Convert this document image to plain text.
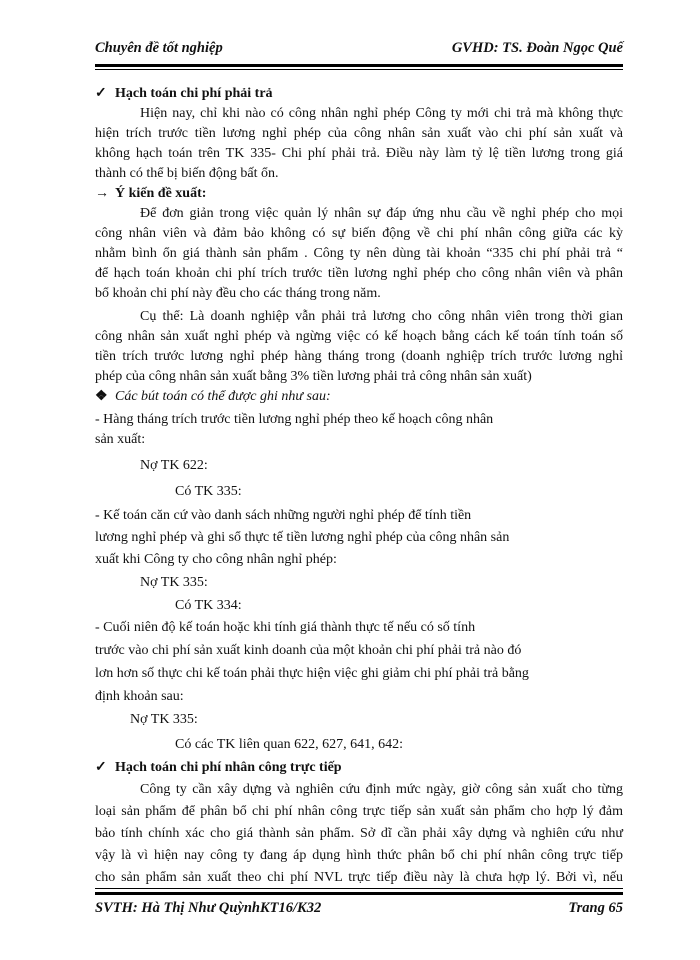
Chuyên đề tốt nghiệp	GVHD: TS. Đoàn Ngọc Quế
✓ Hạch toán chi phí phải trả
Hiện nay, chỉ khi nào có công nhân nghỉ phép Công ty mới chi trả mà không thực
hiện trích trước tiền lương nghỉ phép của công nhân sản xuất vào chi phí sản xuất và
không hạch toán trên TK 335- Chi phí phải trả. Điều này làm tỷ lệ tiền lương trong giá
thành có thể bị biến động bất ổn.
→ Ý kiến đề xuất:
Để đơn giản trong việc quản lý nhân sự đáp ứng nhu cầu về nghỉ phép cho mọi
công nhân viên và đảm bảo không có sự biến động về chi phí nhân công giữa các kỳ
nhằm bình ổn giá thành sản phẩm . Công ty nên dùng tài khoản “335 chi phí phải trả “
để hạch toán khoản chi phí trích trước tiền lương nghỉ phép cho công nhân viên và phân
bổ khoản chi phí này đều cho các tháng trong năm.
Cụ thể: Là doanh nghiệp vẫn phải trả lương cho công nhân viên trong thời gian
công nhân sản xuất nghỉ phép và ngừng việc có kế hoạch bằng cách kế toán tính toán số
tiền trích trước lương nghỉ phép hàng tháng trong (doanh nghiệp trích trước lương nghỉ
phép của công nhân sản xuất bằng 3% tiền lương phải trả công nhân sản xuất)
❖ Các bút toán có thể được ghi như sau:
- Hàng tháng trích trước tiền lương nghỉ phép theo kế hoạch công nhân
sản xuất:
Nợ TK 622:
Có TK 335:
- Kế toán căn cứ vào danh sách những người nghỉ phép để tính tiền
lương nghỉ phép và ghi sổ thực tế tiền lương nghỉ phép của công nhân sản
xuất khi Công ty cho công nhân nghỉ phép:
Nợ TK 335:
Có TK 334:
- Cuối niên độ kế toán hoặc khi tính giá thành thực tế nếu có số tính
trước vào chi phí sản xuất kinh doanh của một khoản chi phí phải trả nào đó
lơn hơn số thực chi kế toán phải thực hiện việc ghi giảm chi phí phải trả bằng
định khoản sau:
Nợ TK 335:
Có các TK liên quan 622, 627, 641, 642:
✓ Hạch toán chi phí nhân công trực tiếp
Công ty cần xây dựng và nghiên cứu định mức ngày, giờ công sản xuất cho từng
loại sản phẩm để phân bổ chi phí nhân công trực tiếp sản xuất sản phẩm cho hợp lý đảm
bảo tính chính xác cho giá thành sản phẩm. Sở dĩ cần phải xây dựng và nghiên cứu như
vậy là vì hiện nay công ty đang áp dụng hình thức phân bổ chi phí nhân công trực tiếp
cho sản phẩm sản xuất theo chi phí NVL trực tiếp điều này là chưa hợp lý. Bởi vì, nếu
SVTH: Hà Thị Như QuỳnhKT16/K32	Trang 65
